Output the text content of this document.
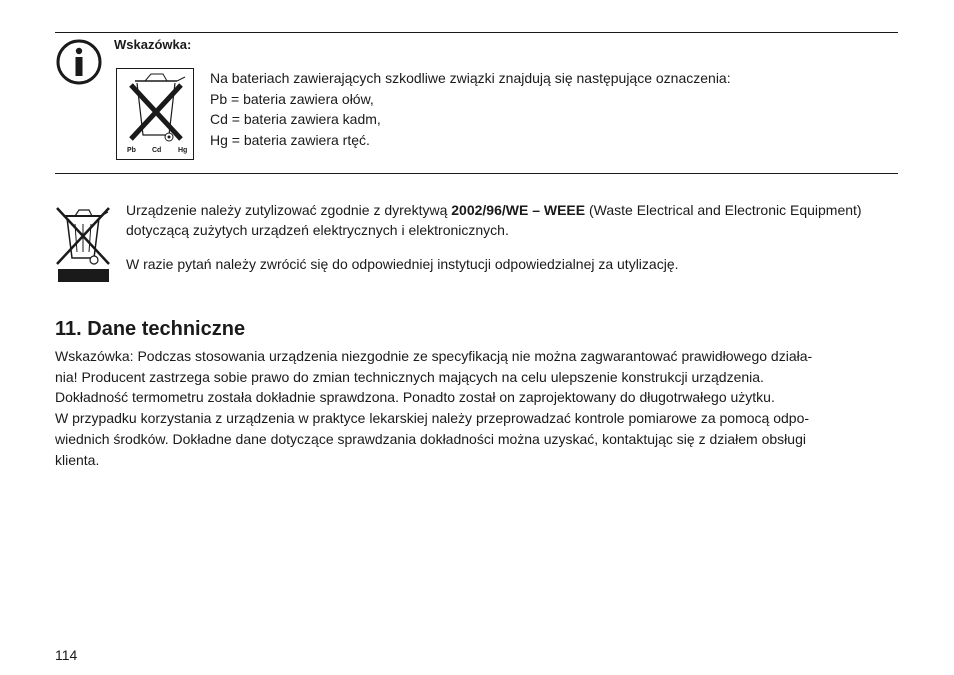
Wskazówka:
Pb Cd Hg
Na bateriach zawierających szkodliwe związki znajdują się następujące oznaczenia:
Pb = bateria zawiera ołów,
Cd = bateria zawiera kadm,
Hg = bateria zawiera rtęć.

Urządzenie należy zutylizować zgodnie z dyrektywą 2002/96/WE – WEEE (Waste Electrical and Electronic Equipment) dotyczącą zużytych urządzeń elektrycznych i elektronicznych.

W razie pytań należy zwrócić się do odpowiedniej instytucji odpowiedzialnej za utylizację.

11. Dane techniczne
Wskazówka: Podczas stosowania urządzenia niezgodnie ze specyfikacją nie można zagwarantować prawidłowego działa-
nia! Producent zastrzega sobie prawo do zmian technicznych mających na celu ulepszenie konstrukcji urządzenia.
Dokładność termometru została dokładnie sprawdzona. Ponadto został on zaprojektowany do długotrwałego użytku.
W przypadku korzystania z urządzenia w praktyce lekarskiej należy przeprowadzać kontrole pomiarowe za pomocą odpo-
wiednich środków. Dokładne dane dotyczące sprawdzania dokładności można uzyskać, kontaktując się z działem obsługi
klienta.
114
